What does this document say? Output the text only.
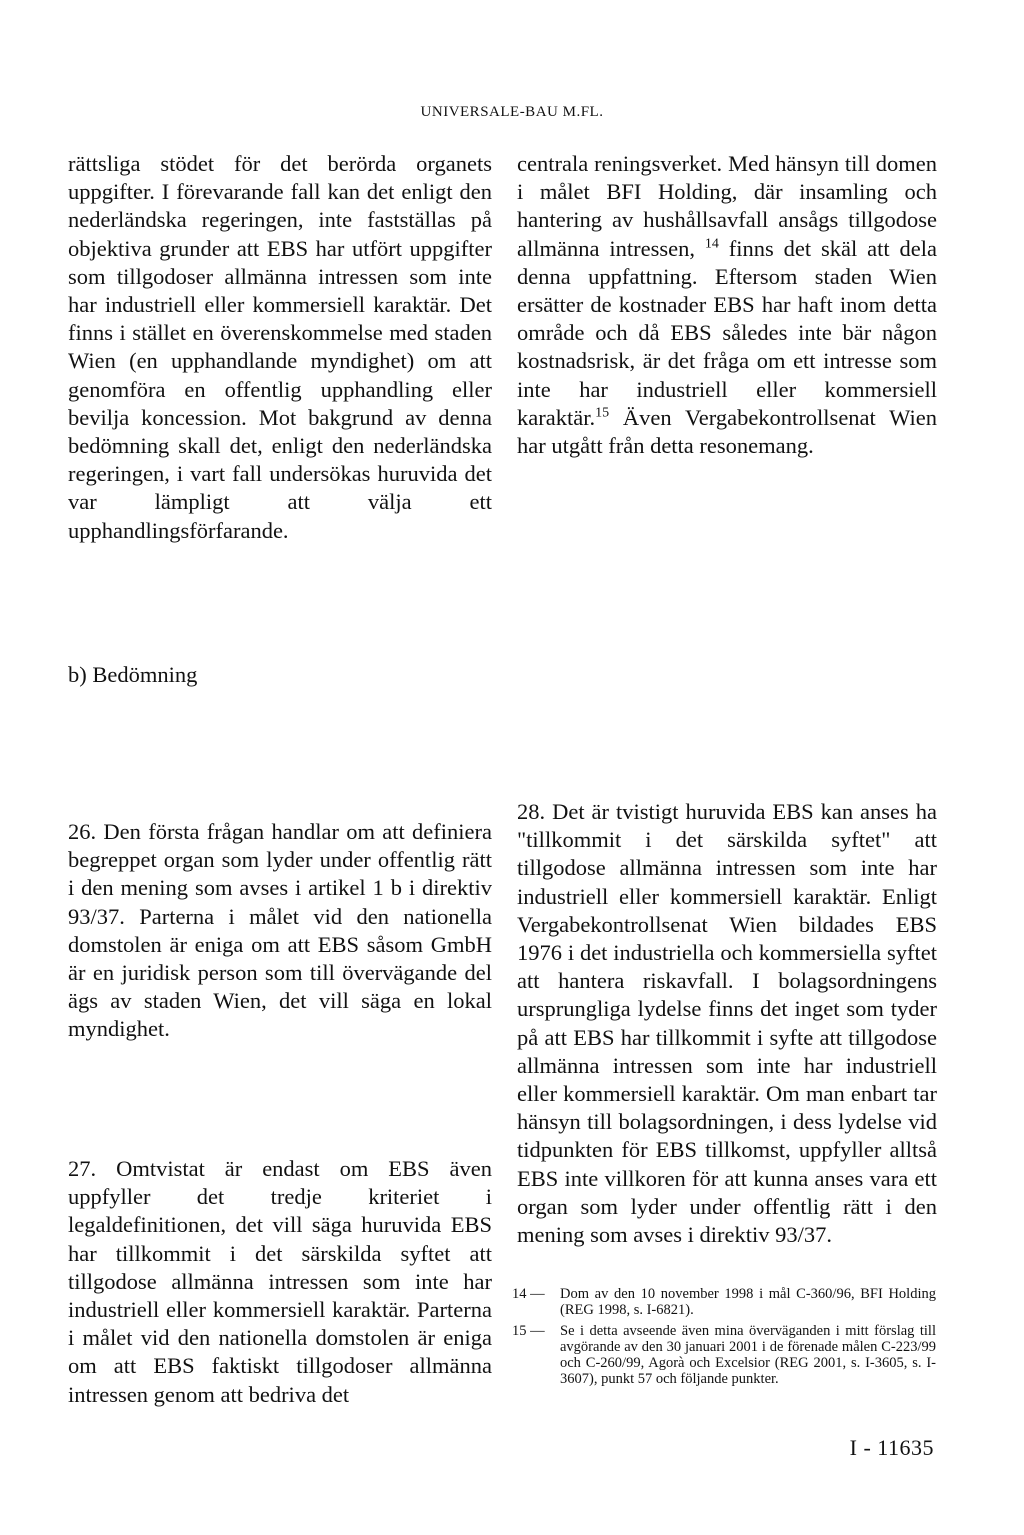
UNIVERSALE-BAU M.FL.

rättsliga stödet för det berörda organets uppgifter. I förevarande fall kan det enligt den nederländska regeringen, inte fastställas på objektiva grunder att EBS har utfört uppgifter som tillgodoser allmänna intressen som inte har industriell eller kommersiell karaktär. Det finns i stället en överenskommelse med staden Wien (en upphandlande myndighet) om att genomföra en offentlig upphandling eller bevilja koncession. Mot bakgrund av denna bedömning skall det, enligt den nederländska regeringen, i vart fall undersökas huruvida det var lämpligt att välja ett upphandlingsförfarande.

centrala reningsverket. Med hänsyn till domen i målet BFI Holding, där insamling och hantering av hushållsavfall ansågs tillgodose allmänna intressen, $^{14}$ finns det skäl att dela denna uppfattning. Eftersom staden Wien ersätter de kostnader EBS har haft inom detta område och då EBS således inte bär någon kostnadsrisk, är det fråga om ett intresse som inte har industriell eller kommersiell karaktär.$^{15}$ Även Vergabekontrollsenat Wien har utgått från detta resonemang.

b) Bedömning

26. Den första frågan handlar om att definiera begreppet organ som lyder under offentlig rätt i den mening som avses i artikel 1 b i direktiv 93/37. Parterna i målet vid den nationella domstolen är eniga om att EBS såsom GmbH är en juridisk person som till övervägande del ägs av staden Wien, det vill säga en lokal myndighet.

27. Omtvistat är endast om EBS även uppfyller det tredje kriteriet i legaldefinitionen, det vill säga huruvida EBS har tillkommit i det särskilda syftet att tillgodose allmänna intressen som inte har industriell eller kommersiell karaktär. Parterna i målet vid den nationella domstolen är eniga om att EBS faktiskt tillgodoser allmänna intressen genom att bedriva det

28. Det är tvistigt huruvida EBS kan anses ha "tillkommit i det särskilda syftet" att tillgodose allmänna intressen som inte har industriell eller kommersiell karaktär. Enligt Vergabekontrollsenat Wien bildades EBS 1976 i det industriella och kommersiella syftet att hantera riskavfall. I bolagsordningens ursprungliga lydelse finns det inget som tyder på att EBS har tillkommit i syfte att tillgodose allmänna intressen som inte har industriell eller kommersiell karaktär. Om man enbart tar hänsyn till bolagsordningen, i dess lydelse vid tidpunkten för EBS tillkomst, uppfyller alltså EBS inte villkoren för att kunna anses vara ett organ som lyder under offentlig rätt i den mening som avses i direktiv 93/37.

14 —	Dom av den 10 november 1998 i mål C-360/96, BFI Holding (REG 1998, s. I-6821).
15 —	Se i detta avseende även mina överväganden i mitt förslag till avgörande av den 30 januari 2001 i de förenade målen C-223/99 och C-260/99, Agorà och Excelsior (REG 2001, s. I-3605, s. I-3607), punkt 57 och följande punkter.
I - 11635
